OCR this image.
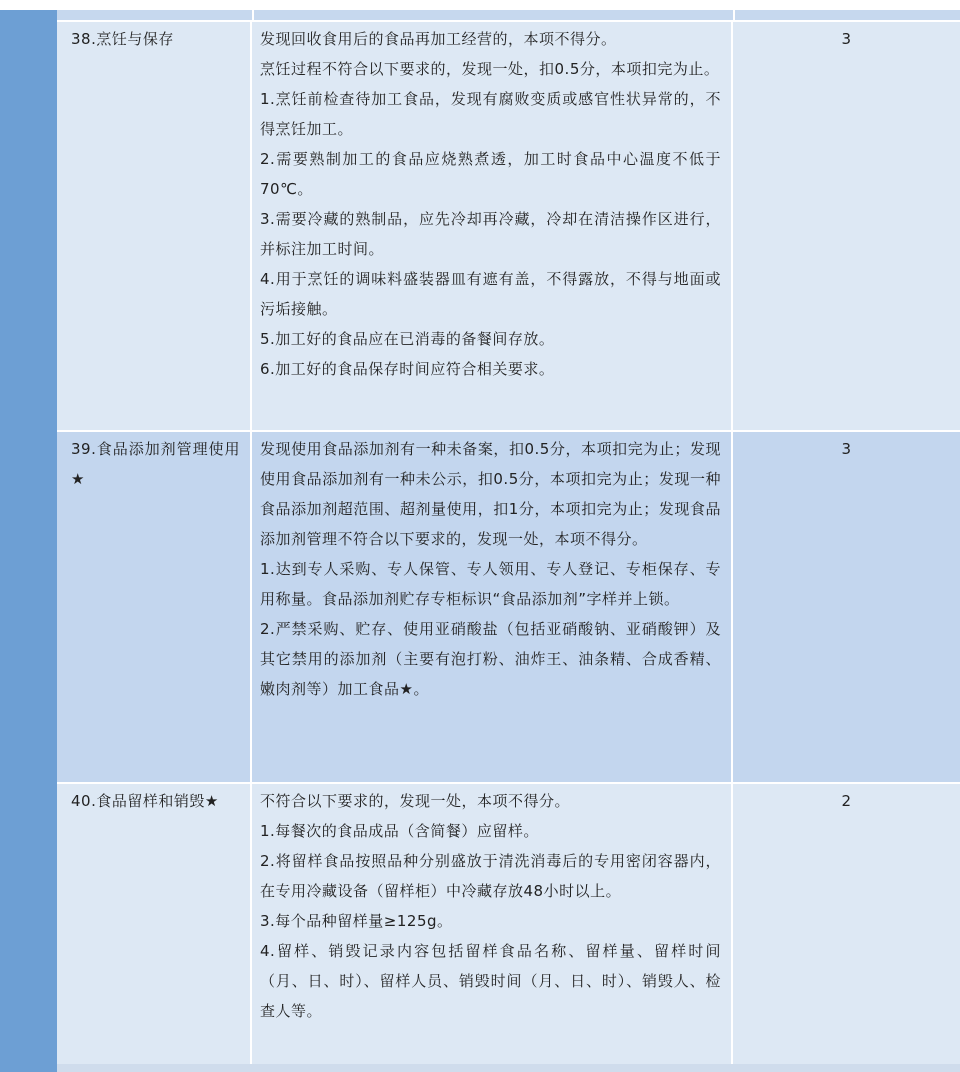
38.烹饪与保存	发现回收食用后的食品再加工经营的，本项不得分。
烹饪过程不符合以下要求的，发现一处，扣0.5分，本项扣完为止。
1.烹饪前检查待加工食品，发现有腐败变质或感官性状异常的，不得烹饪加工。
2.需要熟制加工的食品应烧熟煮透，加工时食品中心温度不低于70℃。
3.需要冷藏的熟制品，应先冷却再冷藏，冷却在清洁操作区进行，并标注加工时间。
4.用于烹饪的调味料盛装器皿有遮有盖，不得露放，不得与地面或污垢接触。
5.加工好的食品应在已消毒的备餐间存放。
6.加工好的食品保存时间应符合相关要求。
3
39.食品添加剂管理使用★
发现使用食品添加剂有一种未备案，扣0.5分，本项扣完为止；发现使用食品添加剂有一种未公示，扣0.5分，本项扣完为止；发现一种食品添加剂超范围、超剂量使用，扣1分，本项扣完为止；发现食品添加剂管理不符合以下要求的，发现一处，本项不得分。
1.达到专人采购、专人保管、专人领用、专人登记、专柜保存、专用称量。食品添加剂贮存专柜标识“食品添加剂”字样并上锁。
2.严禁采购、贮存、使用亚硝酸盐（包括亚硝酸钠、亚硝酸钾）及其它禁用的添加剂（主要有泡打粉、油炸王、油条精、合成香精、嫩肉剂等）加工食品★。
3
40.食品留样和销毁★	不符合以下要求的，发现一处，本项不得分。
1.每餐次的食品成品（含简餐）应留样。
2.将留样食品按照品种分别盛放于清洗消毒后的专用密闭容器内，在专用冷藏设备（留样柜）中冷藏存放48小时以上。
3.每个品种留样量≥125g。
4.留样、销毁记录内容包括留样食品名称、留样量、留样时间（月、日、时）、留样人员、销毁时间（月、日、时）、销毁人、检查人等。
2
